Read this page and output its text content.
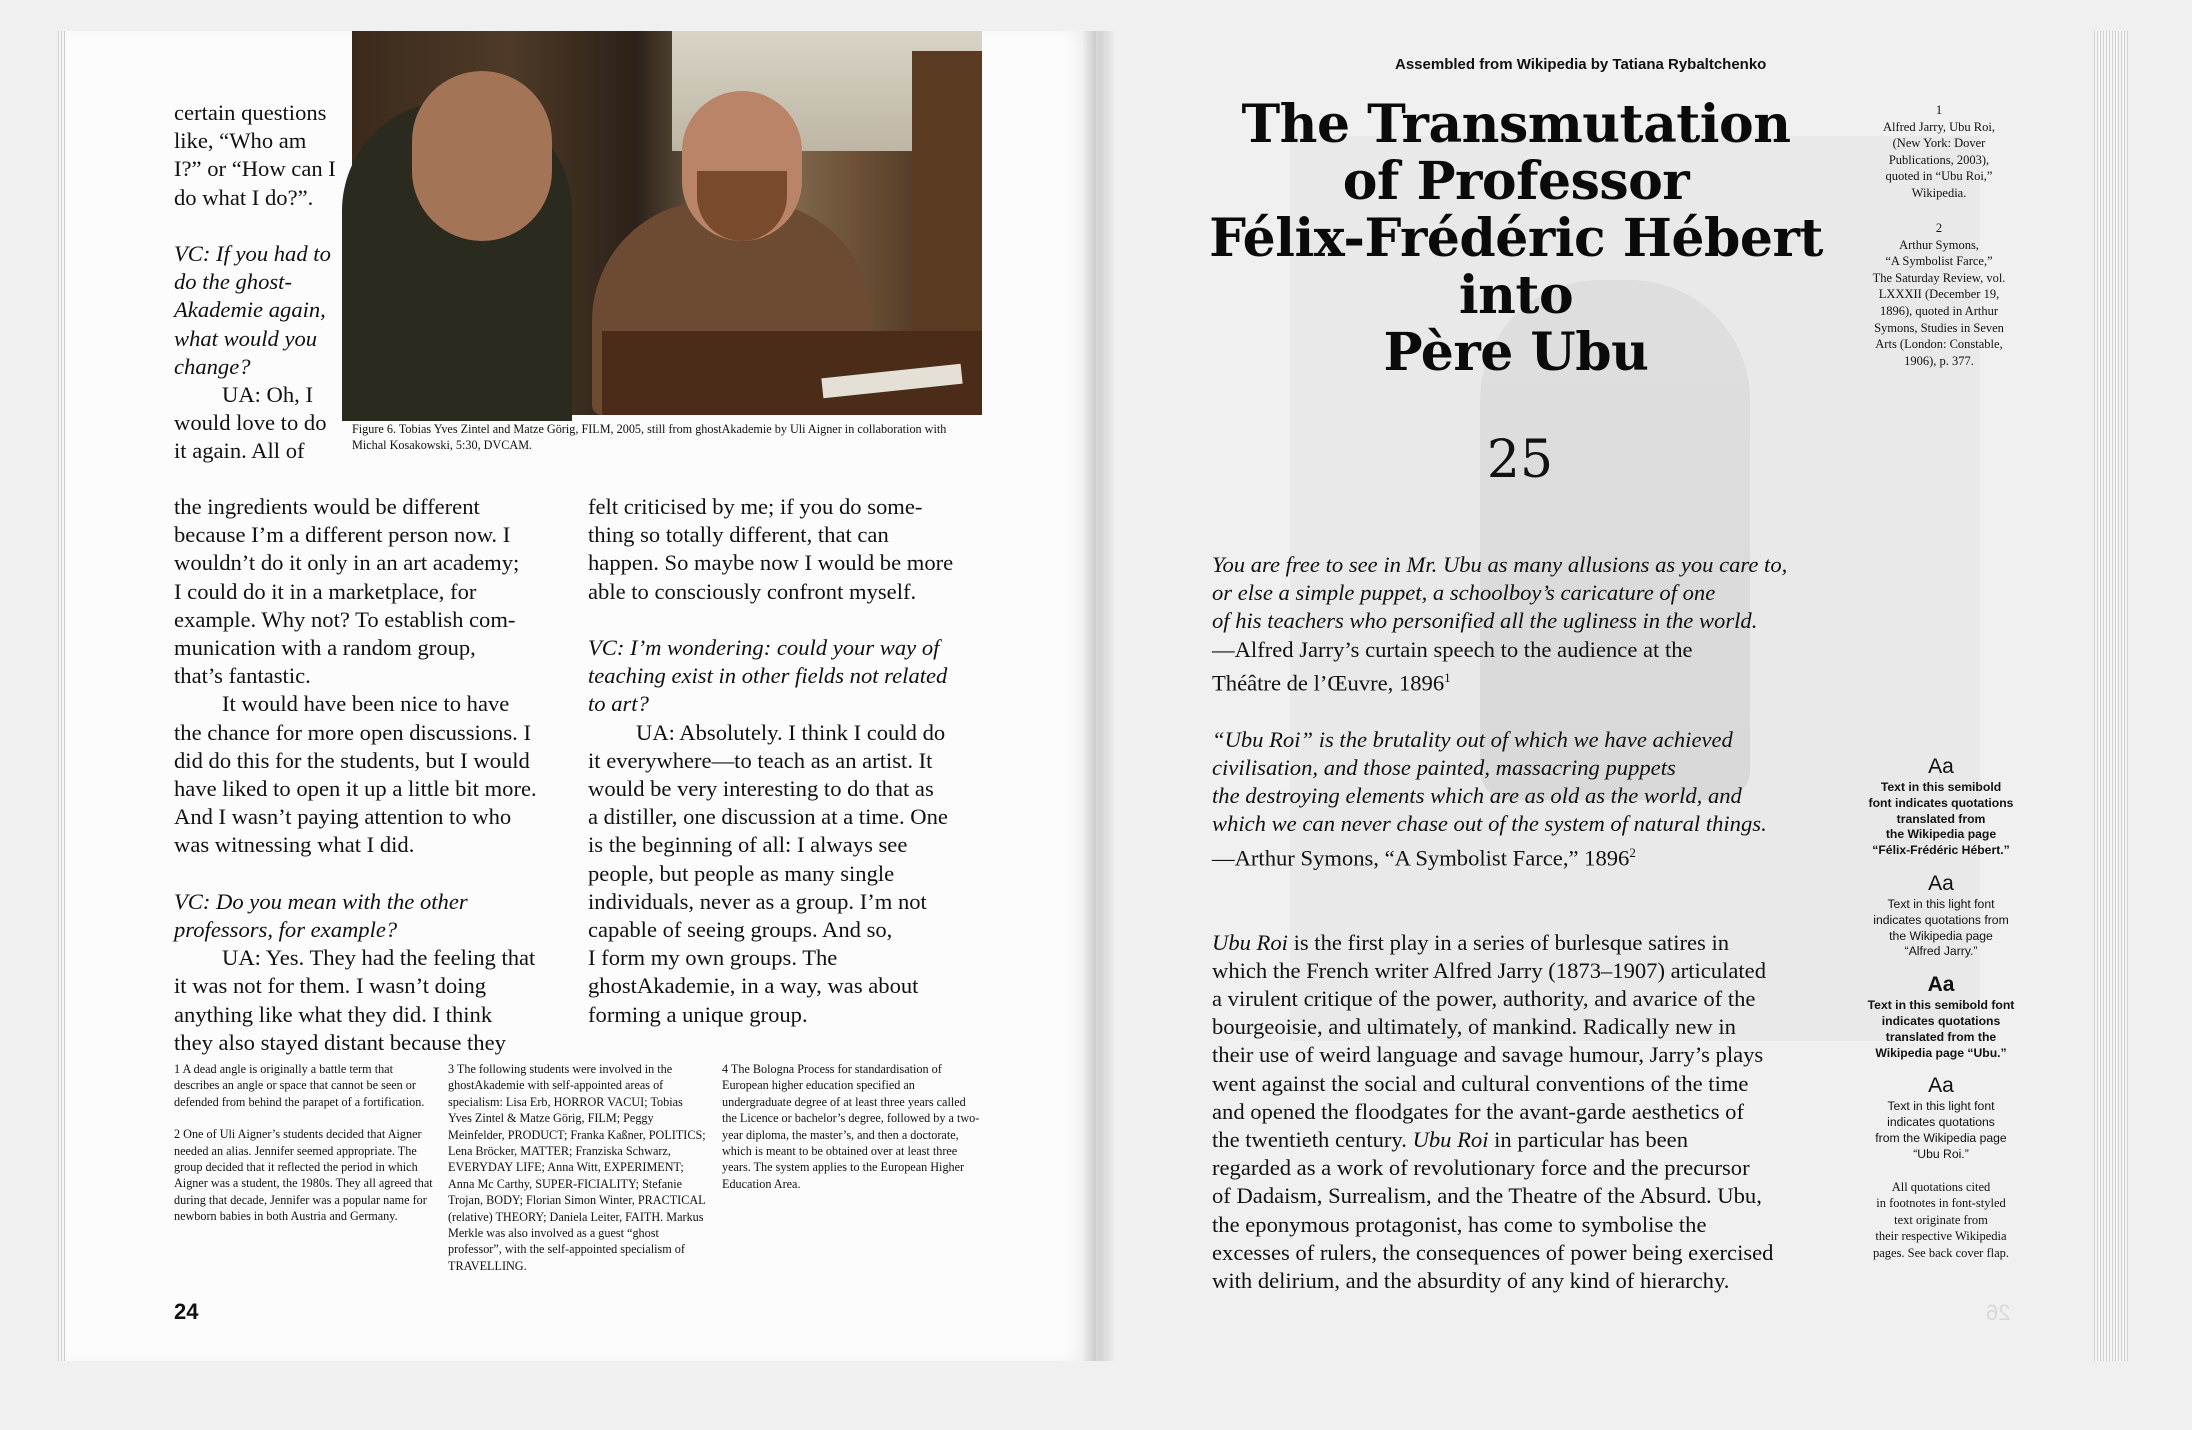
Figure 6. Tobias Yves Zintel and Matze Görig, FILM, 2005, still from ghostAkademie by Uli Aigner in collaboration with Michal Kosakowski, 5:30, DVCAM.

certain questions

like, “Who am

I?” or “How can I

do what I do?”.

VC: If you had to

do the ghost-

Akademie again,

what would you

change?

UA: Oh, I

would love to do

it again. All of

the ingredients would be different

because I’m a different person now. I

wouldn’t do it only in an art academy;

I could do it in a marketplace, for

example. Why not? To establish com-

munication with a random group,

that’s fantastic.

It would have been nice to have

the chance for more open discussions. I

did do this for the students, but I would

have liked to open it up a little bit more.

And I wasn’t paying attention to who

was witnessing what I did.

VC: Do you mean with the other

professors, for example?

UA: Yes. They had the feeling that

it was not for them. I wasn’t doing

anything like what they did. I think

they also stayed distant because they

felt criticised by me; if you do some-

thing so totally different, that can

happen. So maybe now I would be more

able to consciously confront myself.

VC: I’m wondering: could your way of

teaching exist in other fields not related

to art?

UA: Absolutely. I think I could do

it everywhere—to teach as an artist. It

would be very interesting to do that as

a distiller, one discussion at a time. One

is the beginning of all: I always see

people, but people as many single

individuals, never as a group. I’m not

capable of seeing groups. And so,

I form my own groups. The

ghostAkademie, in a way, was about

forming a unique group.

1 A dead angle is originally a battle term that describes an angle or space that cannot be seen or defended from behind the parapet of a fortification.

2 One of Uli Aigner’s students decided that Aigner needed an alias. Jennifer seemed appropriate. The group decided that it reflected the period in which Aigner was a student, the 1980s. They all agreed that during that decade, Jennifer was a popular name for newborn babies in both Austria and Germany.

3 The following students were involved in the ghostAkademie with self-appointed areas of specialism: Lisa Erb, HORROR VACUI; Tobias Yves Zintel & Matze Görig, FILM; Peggy Meinfelder, PRODUCT; Franka Kaßner, POLITICS; Lena Bröcker, MATTER; Franziska Schwarz, EVERYDAY LIFE; Anna Witt, EXPERIMENT; Anna Mc Carthy, SUPER-FICIALITY; Stefanie Trojan, BODY; Florian Simon Winter, PRACTICAL (relative) THEORY; Daniela Leiter, FAITH. Markus Merkle was also involved as a guest “ghost professor”, with the self-appointed specialism of TRAVELLING.

4 The Bologna Process for standardisation of European higher education specified an undergraduate degree of at least three years called the Licence or bachelor’s degree, followed by a two-year diploma, the master’s, and then a doctorate, which is meant to be obtained over at least three years. The system applies to the European Higher Education Area.

24
Assembled from Wikipedia by Tatiana Rybaltchenko
The Transmutation
of Professor
Félix-Frédéric Hébert into
Père Ubu
25

You are free to see in Mr. Ubu as many allusions as you care to,

or else a simple puppet, a schoolboy’s caricature of one

of his teachers who personified all the ugliness in the world.

—Alfred Jarry’s curtain speech to the audience at the

Théâtre de l’Œuvre, 1896$^1$

“Ubu Roi” is the brutality out of which we have achieved

civilisation, and those painted, massacring puppets

the destroying elements which are as old as the world, and

which we can never chase out of the system of natural things.

—Arthur Symons, “A Symbolist Farce,” 1896$^2$

Ubu Roi is the first play in a series of burlesque satires in

which the French writer Alfred Jarry (1873–1907) articulated

a virulent critique of the power, authority, and avarice of the

bourgeoisie, and ultimately, of mankind. Radically new in

their use of weird language and savage humour, Jarry’s plays

went against the social and cultural conventions of the time

and opened the floodgates for the avant-garde aesthetics of

the twentieth century. Ubu Roi in particular has been

regarded as a work of revolutionary force and the precursor

of Dadaism, Surrealism, and the Theatre of the Absurd. Ubu,

the eponymous protagonist, has come to symbolise the

excesses of rulers, the consequences of power being exercised

with delirium, and the absurdity of any kind of hierarchy.

1
Alfred Jarry, Ubu Roi,
(New York: Dover
Publications, 2003),
quoted in “Ubu Roi,”
Wikipedia.
2
Arthur Symons,
“A Symbolist Farce,”
The Saturday Review, vol.
LXXXII (December 19,
1896), quoted in Arthur
Symons, Studies in Seven
Arts (London: Constable,
1906), p. 377.
Aa
Text in this semibold
font indicates quotations
translated from
the Wikipedia page
“Félix-Frédéric Hébert.”
Aa
Text in this light font
indicates quotations from
the Wikipedia page
“Alfred Jarry.”
Aa
Text in this semibold font
indicates quotations
translated from the
Wikipedia page “Ubu.”
Aa
Text in this light font
indicates quotations
from the Wikipedia page
“Ubu Roi.”
All quotations cited
in footnotes in font-styled
text originate from
their respective Wikipedia
pages. See back cover flap.
26
